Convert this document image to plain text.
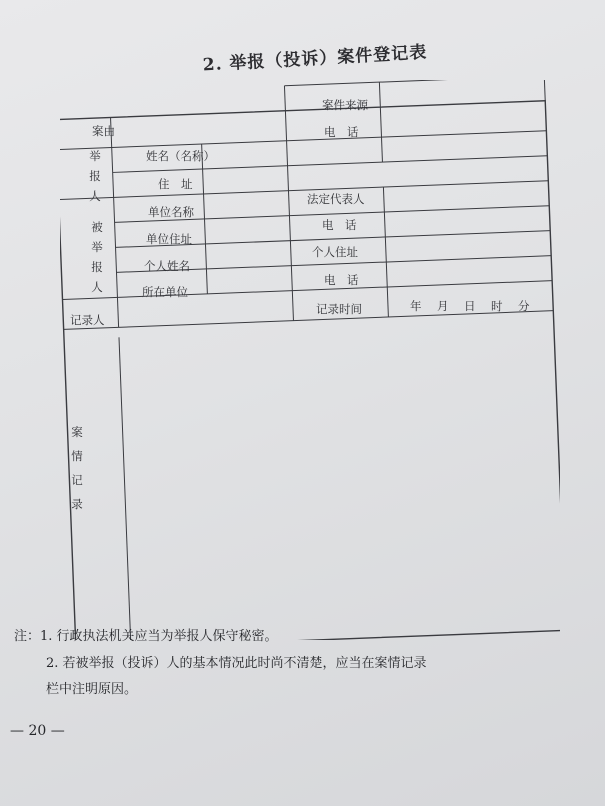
2. 举报（投诉）案件登记表
案由
案件来源
电　话
举报人
姓名（名称）
住　址
法定代表人
被举报人
单位名称
电　话
单位住址
个人住址
个人姓名
电　话
所在单位
记录人
记录时间	年　月　日　时　分
案情记录
注：1. 行政执法机关应当为举报人保守秘密。
2. 若被举报（投诉）人的基本情况此时尚不清楚，应当在案情记录
栏中注明原因。
— 20 —
